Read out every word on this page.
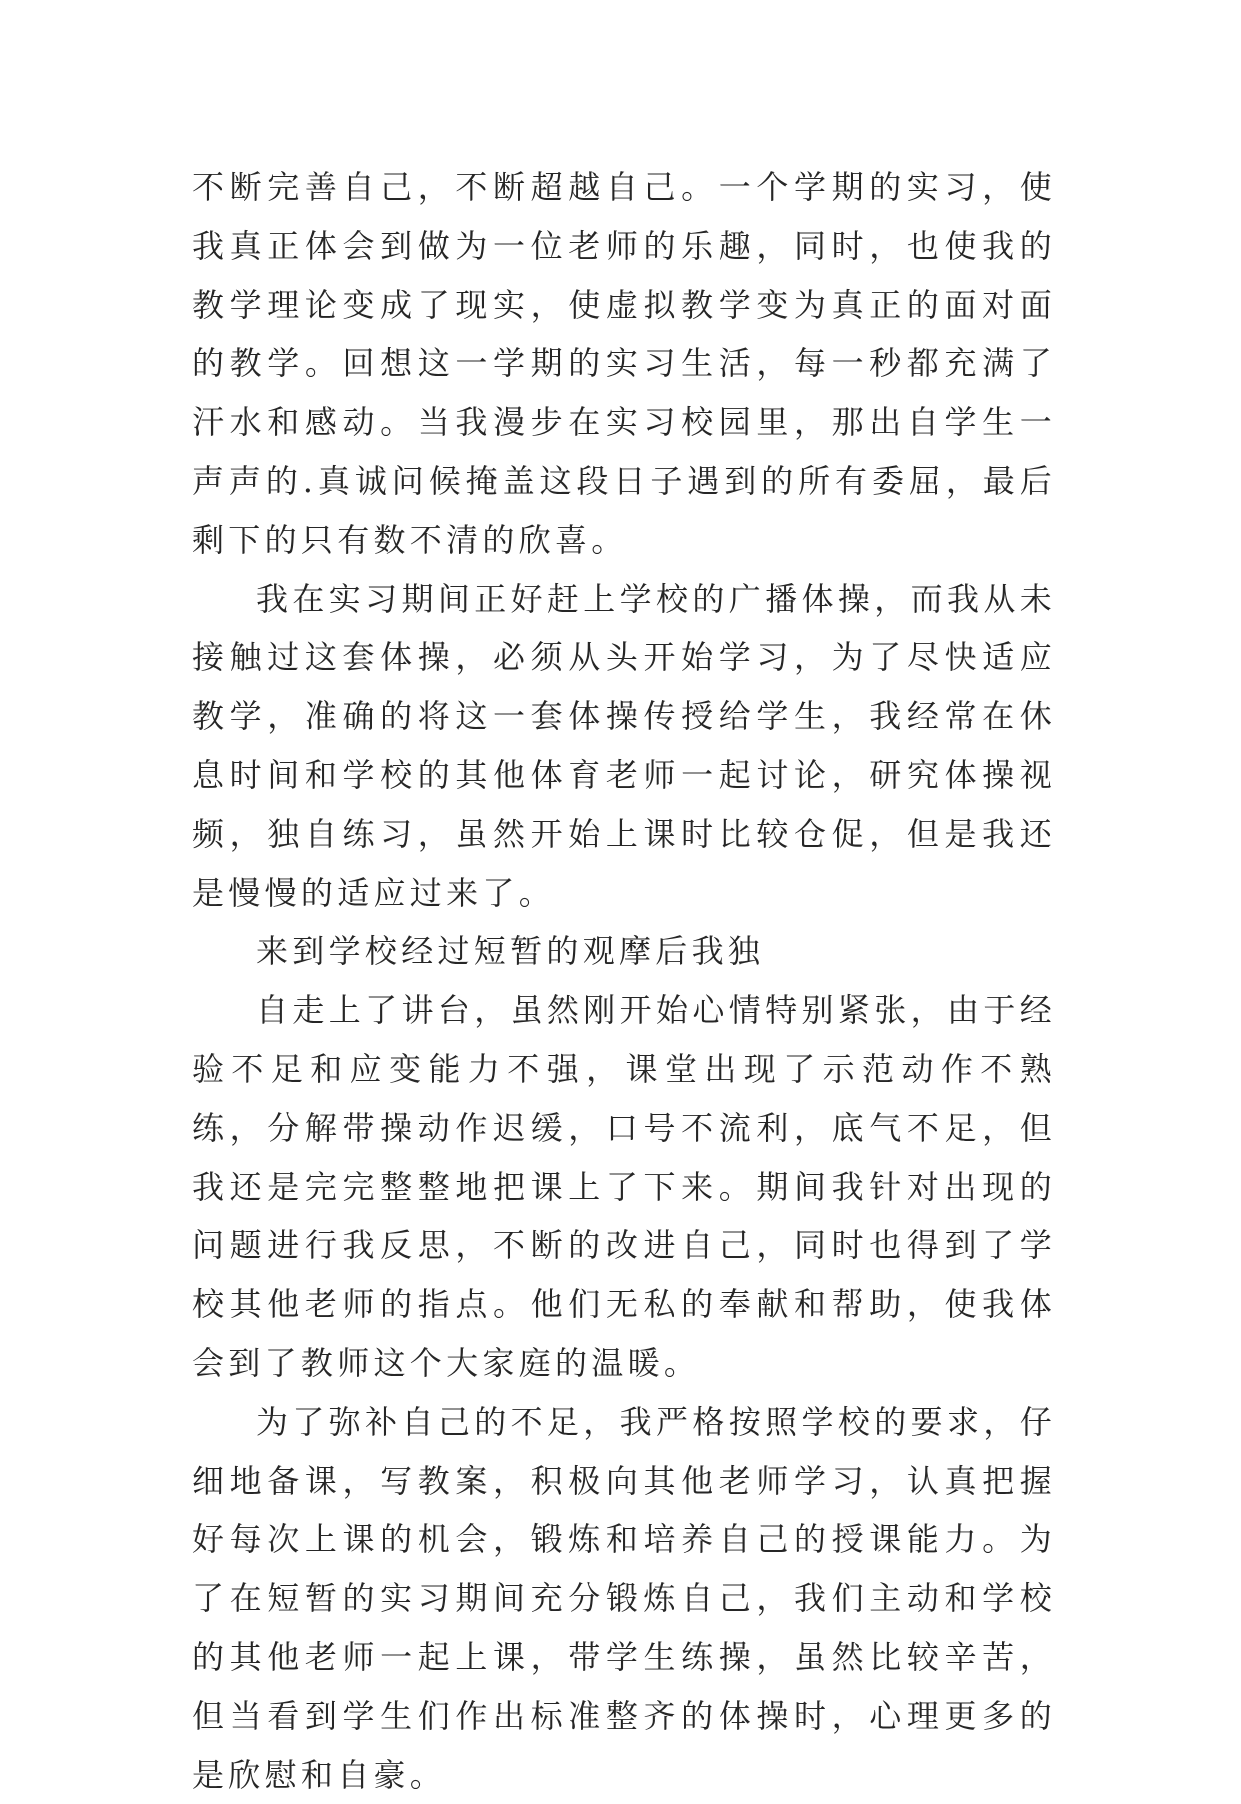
不断完善自己，不断超越自己。一个学期的实习，使我真正体会到做为一位老师的乐趣，同时，也使我的教学理论变成了现实，使虚拟教学变为真正的面对面的教学。回想这一学期的实习生活，每一秒都充满了汗水和感动。当我漫步在实习校园里，那出自学生一声声的.真诚问候掩盖这段日子遇到的所有委屈，最后剩下的只有数不清的欣喜。

我在实习期间正好赶上学校的广播体操，而我从未接触过这套体操，必须从头开始学习，为了尽快适应教学，准确的将这一套体操传授给学生，我经常在休息时间和学校的其他体育老师一起讨论，研究体操视频，独自练习，虽然开始上课时比较仓促，但是我还是慢慢的适应过来了。

来到学校经过短暂的观摩后我独

自走上了讲台，虽然刚开始心情特别紧张，由于经验不足和应变能力不强，课堂出现了示范动作不熟练，分解带操动作迟缓，口号不流利，底气不足，但我还是完完整整地把课上了下来。期间我针对出现的问题进行我反思，不断的改进自己，同时也得到了学校其他老师的指点。他们无私的奉献和帮助，使我体会到了教师这个大家庭的温暖。

为了弥补自己的不足，我严格按照学校的要求，仔细地备课，写教案，积极向其他老师学习，认真把握好每次上课的机会，锻炼和培养自己的授课能力。为了在短暂的实习期间充分锻炼自己，我们主动和学校的其他老师一起上课，带学生练操，虽然比较辛苦，但当看到学生们作出标准整齐的体操时，心理更多的是欣慰和自豪。
